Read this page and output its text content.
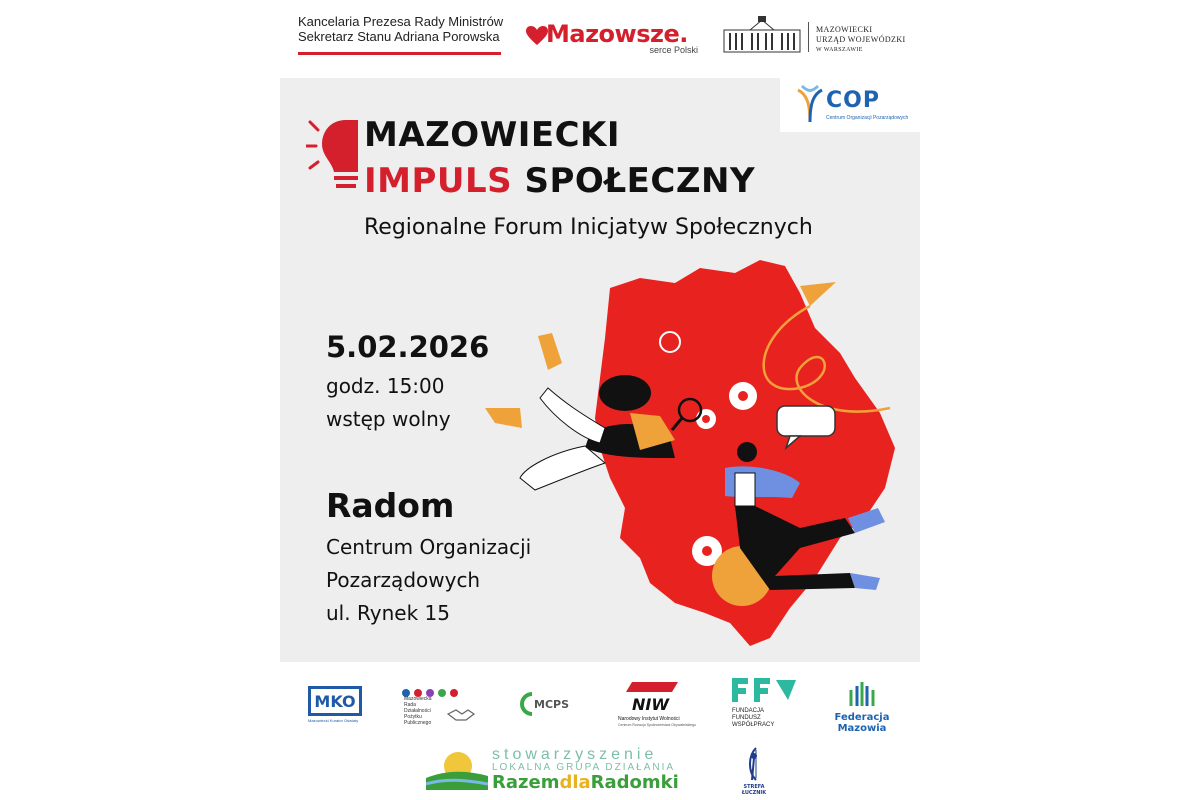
Kancelaria Prezesa Rady Ministrów
Sekretarz Stanu Adriana Porowska	Mazowsze.
serce Polski
MAZOWIECKI
URZĄD WOJEWÓDZKI
W WARSZAWIE
COP
Centrum Organizacji Pozarządowych
MAZOWIECKI
IMPULS SPOŁECZNY
Regionalne Forum Inicjatyw Społecznych
5.02.2026
godz. 15:00
wstęp wolny
Radom
Centrum Organizacji
Pozarządowych
ul. Rynek 15
MKO
Mazowiecki Kurator Oświaty
Mazowiecka
Rada
Działalności
Pożytku
Publicznego
MCPS	NIW
Narodowy Instytut Wolności
Centrum Rozwoju Społeczeństwa Obywatelskiego
FUNDACJA
FUNDUSZ
WSPÓŁPRACY
Federacja
Mazowia
stowarzyszenie
LOKALNA GRUPA DZIAŁANIA
RazemdlaRadomki	STREFA
ŁUCZNIK
